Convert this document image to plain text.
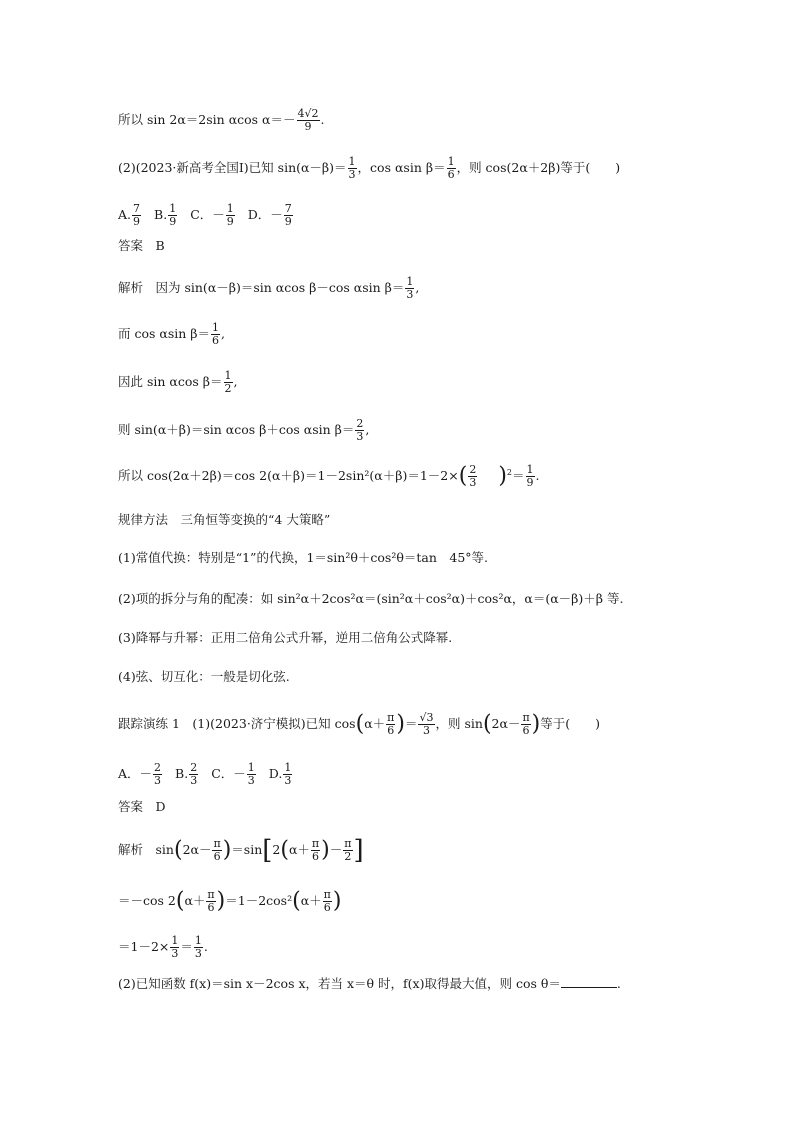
所以 sin 2α＝2sin αcos $\alpha=- \frac{4√2}{9}$ .
(2)(2023·新高考全国Ⅰ)已知 $\sin(\alpha-\beta)= \frac{1}{3}$ ，cos αsin $\beta= \frac{1}{6}$ ，则 cos(2α＋2β)等于(　　)
A. $\frac{7}{9} B$. $\frac{1}{9}$ C．－ $\frac{1}{9}$ D．－ $\frac{7}{9}$
答案　B
解析　因为 sin(α－β)＝sin αcos β－cos αsin $\beta= \frac{1}{3}$ ,
而 cos αsin $\beta= \frac{1}{6}$ ,
因此 sin αcos $\beta= \frac{1}{2}$ ,
则 sin(α＋β)＝sin αcos β＋cos αsin $\beta= \frac{2}{3}$ ,
所以 cos(2α＋2β)＝cos $2(\alpha+\beta)=1-2\sin^2(\alpha+\beta)=1-2\times( \frac{2}{3} )^2= \frac{1}{9}$ .
规律方法　三角恒等变换的“4 大策略”
(1)常值代换：特别是“1”的代换，1＝sin²θ＋cos²θ＝tan　45°等.
(2)项的拆分与角的配凑：如 sin²α＋2cos²α＝(sin²α＋cos²α)＋cos²α，α＝(α－β)＋β 等.
(3)降幂与升幂：正用二倍角公式升幂，逆用二倍角公式降幂.
(4)弦、切互化：一般是切化弦.
跟踪演练 1　(1)(2023·济宁模拟)已知 $\cos(\alpha+ \frac{\pi}{6}$ )＝ $\frac{√3}{3}$ ，则 $\sin(2\alpha- \frac{\pi}{6}$ )等于(　　)
A．－ $\frac{2}{3} B$. $\frac{2}{3}$ C．－ $\frac{1}{3} D$. $\frac{1}{3}$
答案　D
解析　$\sin(2\alpha- \frac{\pi}{6} )=\sin[2(\alpha+ \frac{\pi}{6}$ )－ $\frac{\pi}{2}$ ]
＝－cos $2(\alpha+ \frac{\pi}{6} )=1-2\cos^2(\alpha+ \frac{\pi}{6}$ )
$=1-2\times \frac{1}{3} = \frac{1}{3}$ .
(2)已知函数 f(x)＝sin x－2cos x，若当 x＝θ 时，f(x)取得最大值，则 cos θ＝	.
